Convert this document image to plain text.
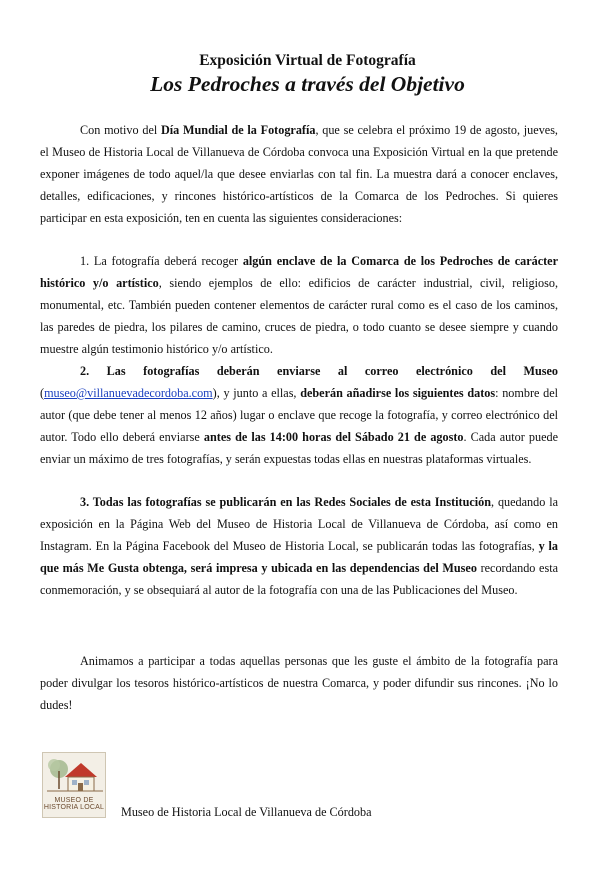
Exposición Virtual de Fotografía
Los Pedroches a través del Objetivo

Con motivo del Día Mundial de la Fotografía, que se celebra el próximo 19 de agosto, jueves, el Museo de Historia Local de Villanueva de Córdoba convoca una Exposición Virtual en la que pretende exponer imágenes de todo aquel/la que desee enviarlas con tal fin. La muestra dará a conocer enclaves, detalles, edificaciones, y rincones histórico-artísticos de la Comarca de los Pedroches. Si quieres participar en esta exposición, ten en cuenta las siguientes consideraciones:

1. La fotografía deberá recoger algún enclave de la Comarca de los Pedroches de carácter histórico y/o artístico, siendo ejemplos de ello: edificios de carácter industrial, civil, religioso, monumental, etc. También pueden contener elementos de carácter rural como es el caso de los caminos, las paredes de piedra, los pilares de camino, cruces de piedra, o todo cuanto se desee siempre y cuando muestre algún testimonio histórico y/o artístico.

2. Las fotografías deberán enviarse al correo electrónico del Museo (museo@villanuevadecordoba.com), y junto a ellas, deberán añadirse los siguientes datos: nombre del autor (que debe tener al menos 12 años) lugar o enclave que recoge la fotografía, y correo electrónico del autor. Todo ello deberá enviarse antes de las 14:00 horas del Sábado 21 de agosto. Cada autor puede enviar un máximo de tres fotografías, y serán expuestas todas ellas en nuestras plataformas virtuales.

3. Todas las fotografías se publicarán en las Redes Sociales de esta Institución, quedando la exposición en la Página Web del Museo de Historia Local de Villanueva de Córdoba, así como en Instagram. En la Página Facebook del Museo de Historia Local, se publicarán todas las fotografías, y la que más Me Gusta obtenga, será impresa y ubicada en las dependencias del Museo recordando esta conmemoración, y se obsequiará al autor de la fotografía con una de las Publicaciones del Museo.

Animamos a participar a todas aquellas personas que les guste el ámbito de la fotografía para poder divulgar los tesoros histórico-artísticos de nuestra Comarca, y poder difundir sus rincones. ¡No lo dudes!

MUSEO DE
HISTORIA LOCAL Museo de Historia Local de Villanueva de Córdoba
